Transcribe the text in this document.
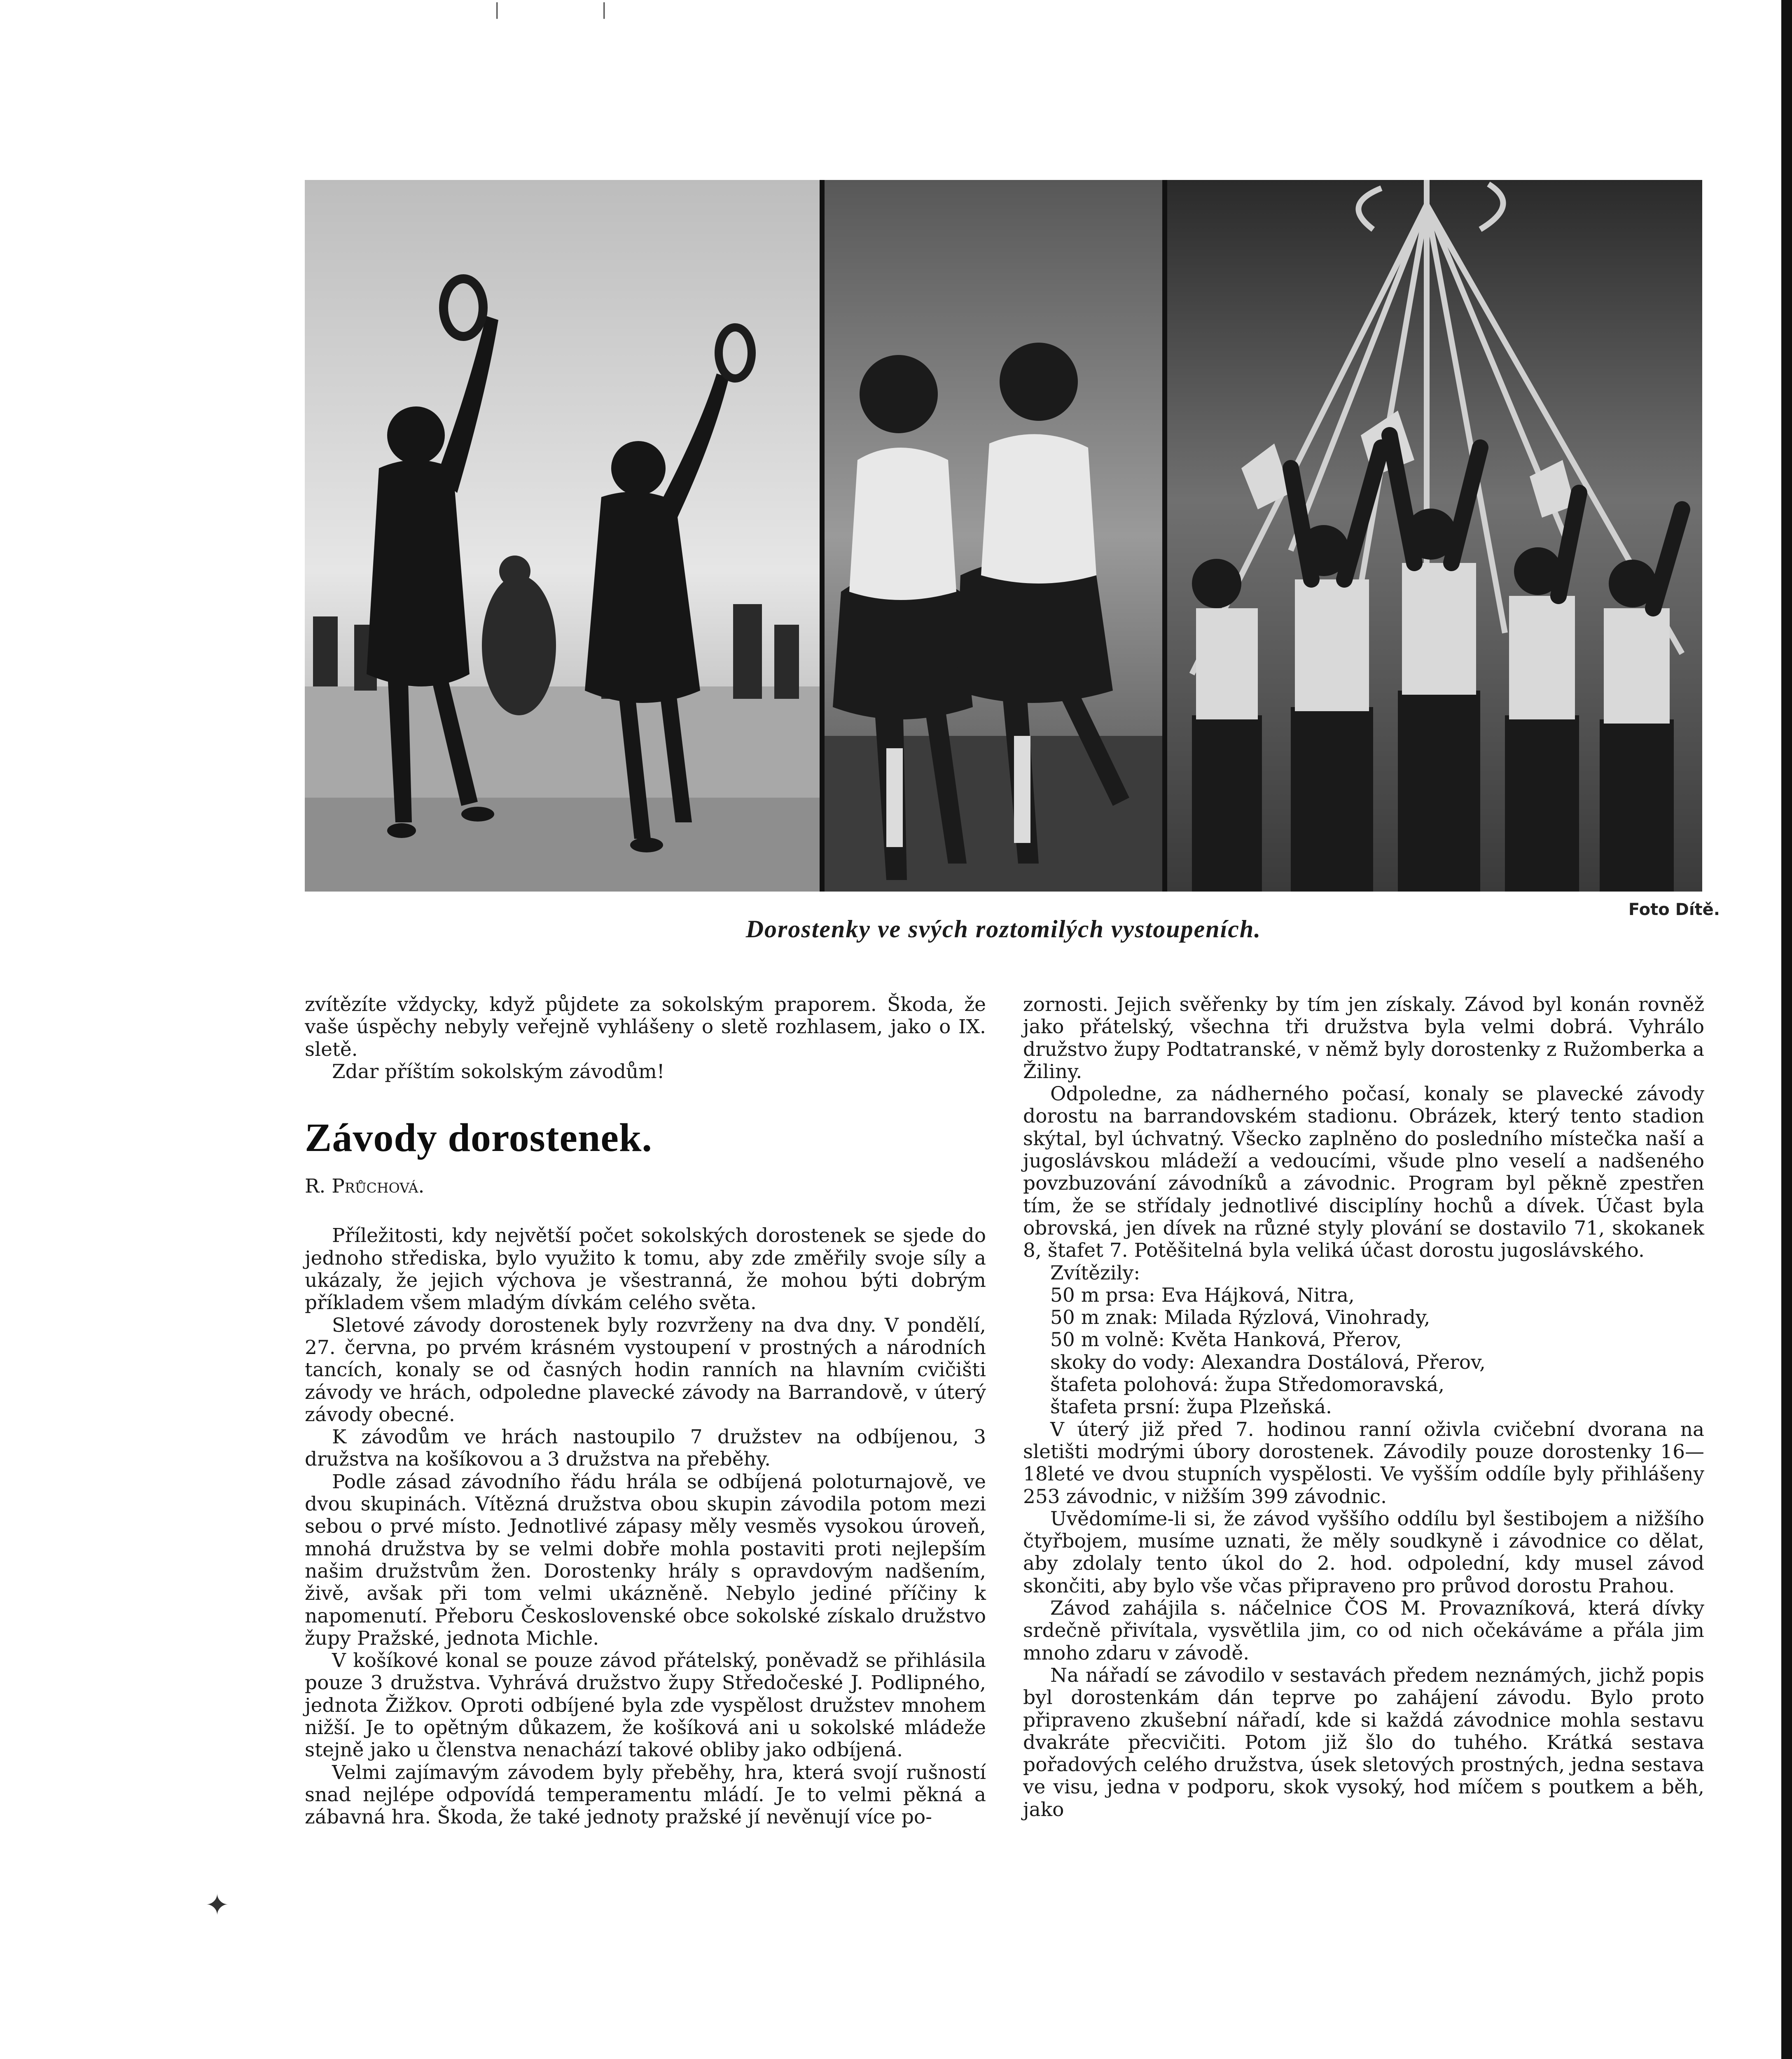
|	|
Foto Dítě.
Dorostenky ve svých roztomilých vystoupeních.

zvítězíte vždycky, když půjdete za sokolským praporem. Škoda, že vaše úspěchy nebyly veřejně vyhlášeny o sletě rozhlasem, jako o IX. sletě.

Zdar příštím sokolským závodům!

Závody dorostenek.

R. Průchová.

Příležitosti, kdy největší počet sokolských dorostenek se sjede do jednoho střediska, bylo využito k tomu, aby zde změřily svoje síly a ukázaly, že jejich výchova je všestranná, že mohou býti dobrým příkladem všem mladým dívkám celého světa.

Sletové závody dorostenek byly rozvrženy na dva dny. V pondělí, 27. června, po prvém krásném vystoupení v prostných a národních tancích, konaly se od časných hodin ranních na hlavním cvičišti závody ve hrách, odpoledne plavecké závody na Barrandově, v úterý závody obecné.

K závodům ve hrách nastoupilo 7 družstev na odbíjenou, 3 družstva na košíkovou a 3 družstva na přeběhy.

Podle zásad závodního řádu hrála se odbíjená poloturnajově, ve dvou skupinách. Vítězná družstva obou skupin závodila potom mezi sebou o prvé místo. Jednotlivé zápasy měly vesměs vysokou úroveň, mnohá družstva by se velmi dobře mohla postaviti proti nejlepším našim družstvům žen. Dorostenky hrály s opravdovým nadšením, živě, avšak při tom velmi ukázněně. Nebylo jediné příčiny k napomenutí. Přeboru Československé obce sokolské získalo družstvo župy Pražské, jednota Michle.

V košíkové konal se pouze závod přátelský, poněvadž se přihlásila pouze 3 družstva. Vyhrává družstvo župy Středočeské J. Podlipného, jednota Žižkov. Oproti odbíjené byla zde vyspělost družstev mnohem nižší. Je to opětným důkazem, že košíková ani u sokolské mládeže stejně jako u členstva nenachází takové obliby jako odbíjená.

Velmi zajímavým závodem byly přeběhy, hra, která svojí rušností snad nejlépe odpovídá temperamentu mládí. Je to velmi pěkná a zábavná hra. Škoda, že také jednoty pražské jí nevěnují více po-

zornosti. Jejich svěřenky by tím jen získaly. Závod byl konán rovněž jako přátelský, všechna tři družstva byla velmi dobrá. Vyhrálo družstvo župy Podtatranské, v němž byly dorostenky z Ružomberka a Žiliny.

Odpoledne, za nádherného počasí, konaly se plavecké závody dorostu na barrandovském stadionu. Obrázek, který tento stadion skýtal, byl úchvatný. Všecko zaplněno do posledního místečka naší a jugoslávskou mládeží a vedoucími, všude plno veselí a nadšeného povzbuzování závodníků a závodnic. Program byl pěkně zpestřen tím, že se střídaly jednotlivé disciplíny hochů a dívek. Účast byla obrovská, jen dívek na různé styly plování se dostavilo 71, skokanek 8, štafet 7. Potěšitelná byla veliká účast dorostu jugoslávského.

Zvítězily:

50 m prsa: Eva Hájková, Nitra,
50 m znak: Milada Rýzlová, Vinohrady,
50 m volně: Květa Hanková, Přerov,
skoky do vody: Alexandra Dostálová, Přerov,
štafeta polohová: župa Středomoravská,
štafeta prsní: župa Plzeňská.

V úterý již před 7. hodinou ranní oživla cvičební dvorana na sletišti modrými úbory dorostenek. Závodily pouze dorostenky 16—18leté ve dvou stupních vyspělosti. Ve vyšším oddíle byly přihlášeny 253 závodnic, v nižším 399 závodnic.

Uvědomíme-li si, že závod vyššího oddílu byl šestibojem a nižšího čtyřbojem, musíme uznati, že měly soudkyně i závodnice co dělat, aby zdolaly tento úkol do 2. hod. odpolední, kdy musel závod skončiti, aby bylo vše včas připraveno pro průvod dorostu Prahou.

Závod zahájila s. náčelnice ČOS M. Provazníková, která dívky srdečně přivítala, vysvětlila jim, co od nich očekáváme a přála jim mnoho zdaru v závodě.

Na nářadí se závodilo v sestavách předem neznámých, jichž popis byl dorostenkám dán teprve po zahájení závodu. Bylo proto připraveno zkušební nářadí, kde si každá závodnice mohla sestavu dvakráte přecvičiti. Potom již šlo do tuhého. Krátká sestava pořadových celého družstva, úsek sletových prostných, jedna sestava ve visu, jedna v podporu, skok vysoký, hod míčem s poutkem a běh, jako

✦
